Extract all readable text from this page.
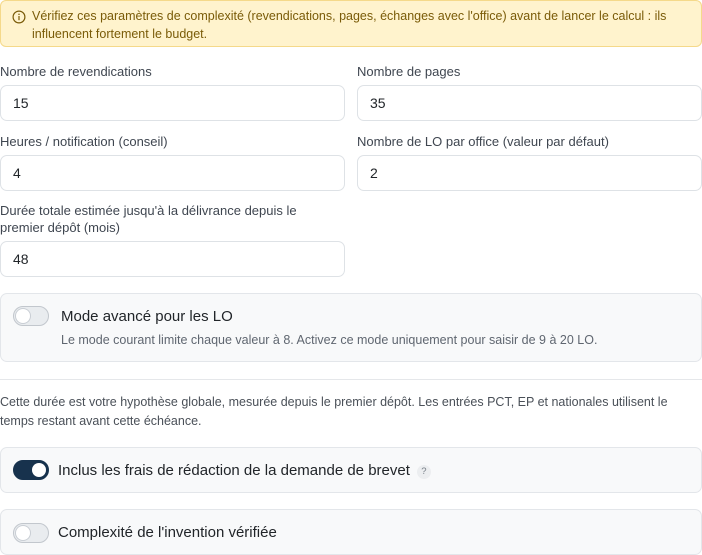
Vérifiez ces paramètres de complexité (revendications, pages, échanges avec l'office) avant de lancer le calcul : ils influencent fortement le budget.
Nombre de revendications
15	Nombre de pages
35
Heures / notification (conseil)
4	Nombre de LO par office (valeur par défaut)
2
Durée totale estimée jusqu'à la délivrance depuis le premier dépôt (mois)
48
Mode avancé pour les LO
Le mode courant limite chaque valeur à 8. Activez ce mode uniquement pour saisir de 9 à 20 LO.
Cette durée est votre hypothèse globale, mesurée depuis le premier dépôt. Les entrées PCT, EP et nationales utilisent le temps restant avant cette échéance.
Inclus les frais de rédaction de la demande de brevet ?
Complexité de l'invention vérifiée
